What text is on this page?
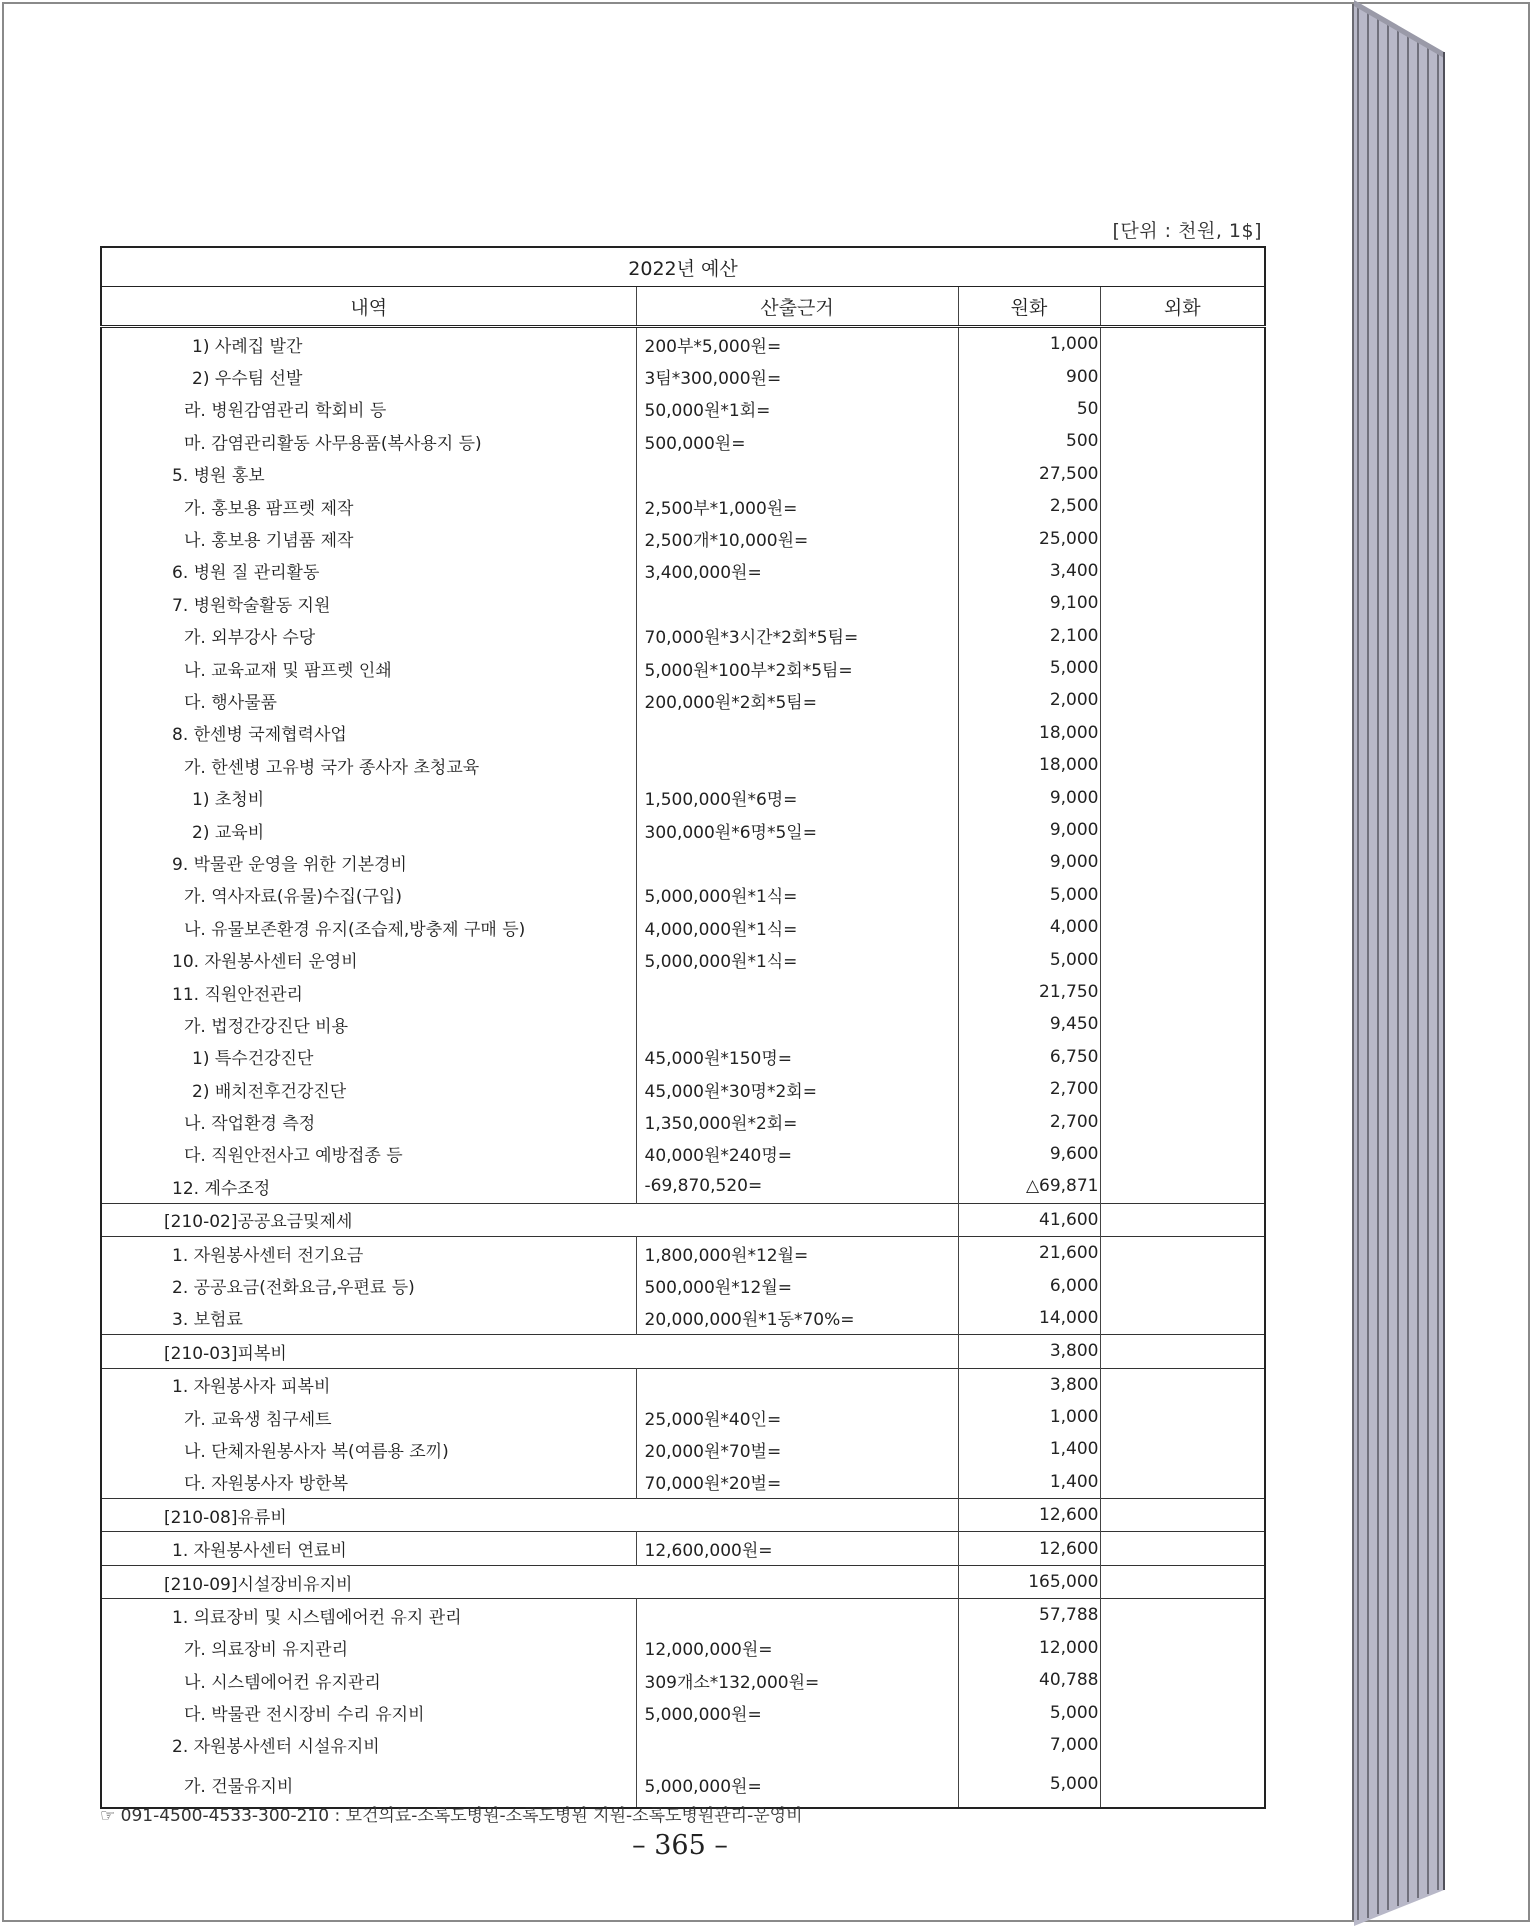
[단위 : 천원, 1$]
2022년 예산			
내역	산출근거	원화	외화
1) 사례집 발간	200부*5,000원=	1,000	
2) 우수팀 선발	3팀*300,000원=	900	
라. 병원감염관리 학회비 등	50,000원*1회=	50	
마. 감염관리활동 사무용품(복사용지 등)	500,000원=	500	
5. 병원 홍보		27,500	
가. 홍보용 팜프렛 제작	2,500부*1,000원=	2,500	
나. 홍보용 기념품 제작	2,500개*10,000원=	25,000	
6. 병원 질 관리활동	3,400,000원=	3,400	
7. 병원학술활동 지원		9,100	
가. 외부강사 수당	70,000원*3시간*2회*5팀=	2,100	
나. 교육교재 및 팜프렛 인쇄	5,000원*100부*2회*5팀=	5,000	
다. 행사물품	200,000원*2회*5팀=	2,000	
8. 한센병 국제협력사업		18,000	
가. 한센병 고유병 국가 종사자 초청교육		18,000	
1) 초청비	1,500,000원*6명=	9,000	
2) 교육비	300,000원*6명*5일=	9,000	
9. 박물관 운영을 위한 기본경비		9,000	
가. 역사자료(유물)수집(구입)	5,000,000원*1식=	5,000	
나. 유물보존환경 유지(조습제,방충제 구매 등)	4,000,000원*1식=	4,000	
10. 자원봉사센터 운영비	5,000,000원*1식=	5,000	
11. 직원안전관리		21,750	
가. 법정간강진단 비용		9,450	
1) 특수건강진단	45,000원*150명=	6,750	
2) 배치전후건강진단	45,000원*30명*2회=	2,700	
나. 작업환경 측정	1,350,000원*2회=	2,700	
다. 직원안전사고 예방접종 등	40,000원*240명=	9,600	
12. 계수조정	-69,870,520=	△69,871	
[210-02]공공요금및제세		41,600	
1. 자원봉사센터 전기요금	1,800,000원*12월=	21,600	
2. 공공요금(전화요금,우편료 등)	500,000원*12월=	6,000	
3. 보험료	20,000,000원*1동*70%=	14,000	
[210-03]피복비		3,800	
1. 자원봉사자 피복비		3,800	
가. 교육생 침구세트	25,000원*40인=	1,000	
나. 단체자원봉사자 복(여름용 조끼)	20,000원*70벌=	1,400	
다. 자원봉사자 방한복	70,000원*20벌=	1,400	
[210-08]유류비		12,600	
1. 자원봉사센터 연료비	12,600,000원=	12,600	
[210-09]시설장비유지비		165,000	
1. 의료장비 및 시스템에어컨 유지 관리		57,788	
가. 의료장비 유지관리	12,000,000원=	12,000	
나. 시스템에어컨 유지관리	309개소*132,000원=	40,788	
다. 박물관 전시장비 수리 유지비	5,000,000원=	5,000	
2. 자원봉사센터 시설유지비		7,000	
가. 건물유지비	5,000,000원=	5,000	
☞ 091-4500-4533-300-210 : 보건의료-소록도병원-소록도병원 지원-소록도병원관리-운영비
– 365 –
